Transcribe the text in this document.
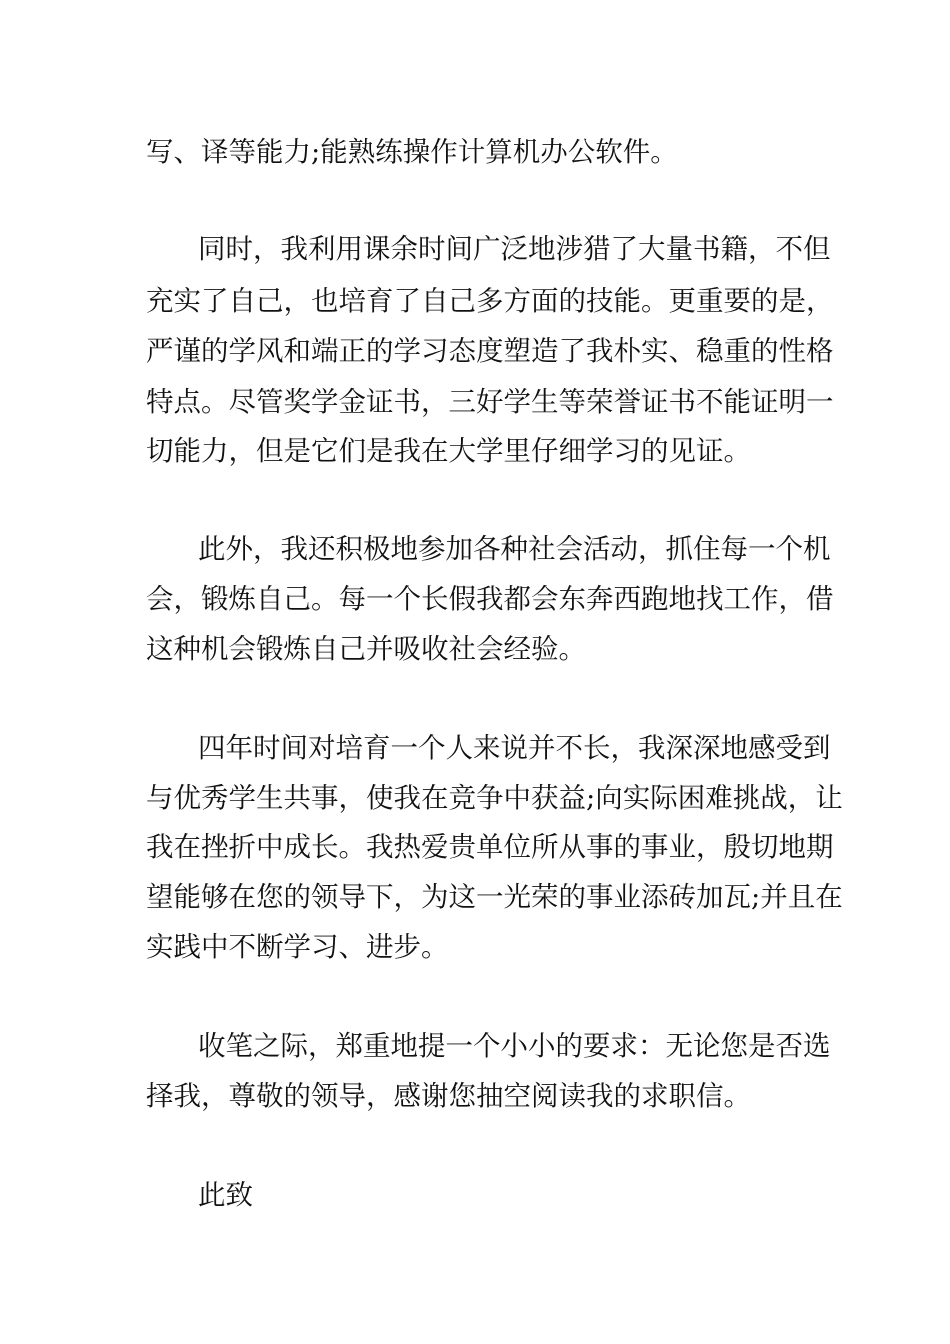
写、译等能力;能熟练操作计算机办公软件。
同时，我利用课余时间广泛地涉猎了大量书籍，不但
充实了自己，也培育了自己多方面的技能。更重要的是，
严谨的学风和端正的学习态度塑造了我朴实、稳重的性格
特点。尽管奖学金证书，三好学生等荣誉证书不能证明一
切能力，但是它们是我在大学里仔细学习的见证。
此外，我还积极地参加各种社会活动，抓住每一个机
会，锻炼自己。每一个长假我都会东奔西跑地找工作，借
这种机会锻炼自己并吸收社会经验。
四年时间对培育一个人来说并不长，我深深地感受到
与优秀学生共事，使我在竞争中获益;向实际困难挑战，让
我在挫折中成长。我热爱贵单位所从事的事业，殷切地期
望能够在您的领导下，为这一光荣的事业添砖加瓦;并且在
实践中不断学习、进步。
收笔之际，郑重地提一个小小的要求：无论您是否选
择我，尊敬的领导，感谢您抽空阅读我的求职信。
此致
